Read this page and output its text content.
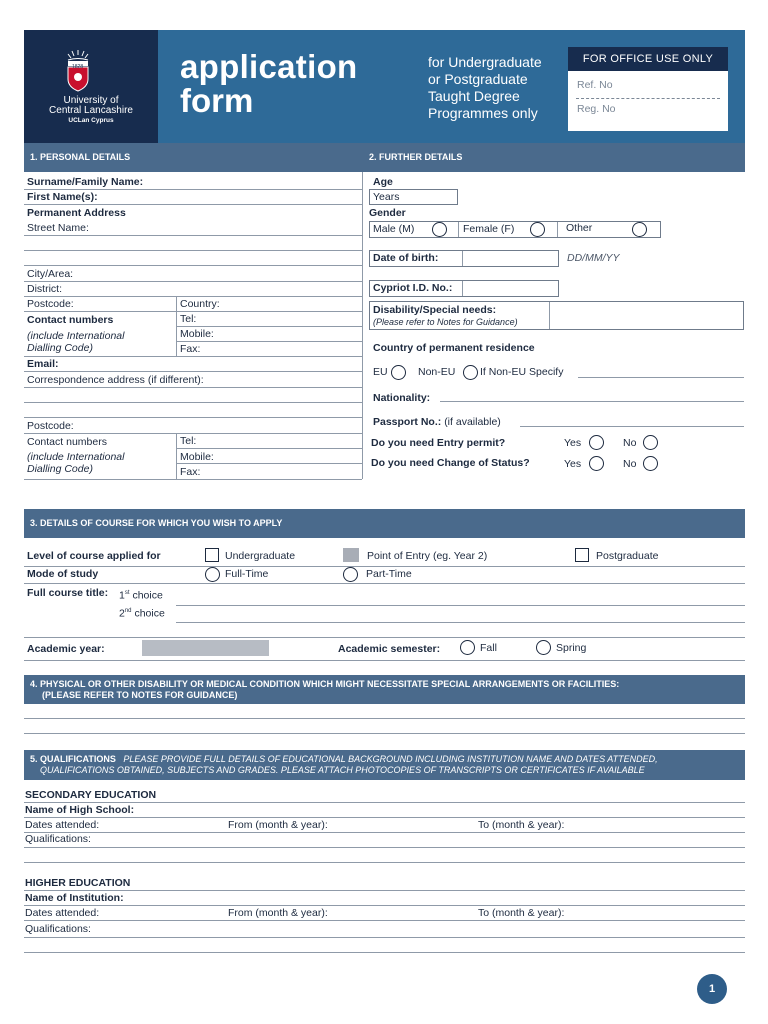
1828
University of
Central Lancashire
UCLan Cyprus
application
form
for Undergraduate
or Postgraduate
Taught Degree
Programmes only
FOR OFFICE USE ONLY
Ref. No
Reg. No
1. PERSONAL DETAILS	2. FURTHER DETAILS
Surname/Family Name:
First Name(s):
Permanent Address
Street Name:
City/Area:
District:
Postcode:	Country:
Contact numbers
(include International
Dialling Code)
Tel:
Mobile:
Fax:
Email:
Correspondence address (if different):
Postcode:
Contact numbers
(include International
Dialling Code)
Tel:
Mobile:
Fax:
Age
Years
Gender
Male (M)	Female (F)	Other
Date of birth:	DD/MM/YY
Cypriot I.D. No.:
Disability/Special needs:
(Please refer to Notes for Guidance)
Country of permanent residence
EU	Non-EU If Non-EU Specify
Nationality:
Passport No.: (if available)
Do you need Entry permit?	Yes	No
Do you need Change of Status?	Yes	No
3. DETAILS OF COURSE FOR WHICH YOU WISH TO APPLY
Level of course applied for	Undergraduate	Point of Entry (eg. Year 2)	Postgraduate
Mode of study	Full-Time	Part-Time
Full course title: 1st choice
2nd choice
Academic year:	Academic semester:	Fall	Spring
4. PHYSICAL OR OTHER DISABILITY OR MEDICAL CONDITION WHICH MIGHT NECESSITATE SPECIAL ARRANGEMENTS OR FACILITIES:
(PLEASE REFER TO NOTES FOR GUIDANCE)
5. QUALIFICATIONS PLEASE PROVIDE FULL DETAILS OF EDUCATIONAL BACKGROUND INCLUDING INSTITUTION NAME AND DATES ATTENDED,
QUALIFICATIONS OBTAINED, SUBJECTS AND GRADES. PLEASE ATTACH PHOTOCOPIES OF TRANSCRIPTS OR CERTIFICATES IF AVAILABLE
SECONDARY EDUCATION
Name of High School:
Dates attended:	From (month & year):	To (month & year):
Qualifications:
HIGHER EDUCATION
Name of Institution:
Dates attended:	From (month & year):	To (month & year):
Qualifications:
1
